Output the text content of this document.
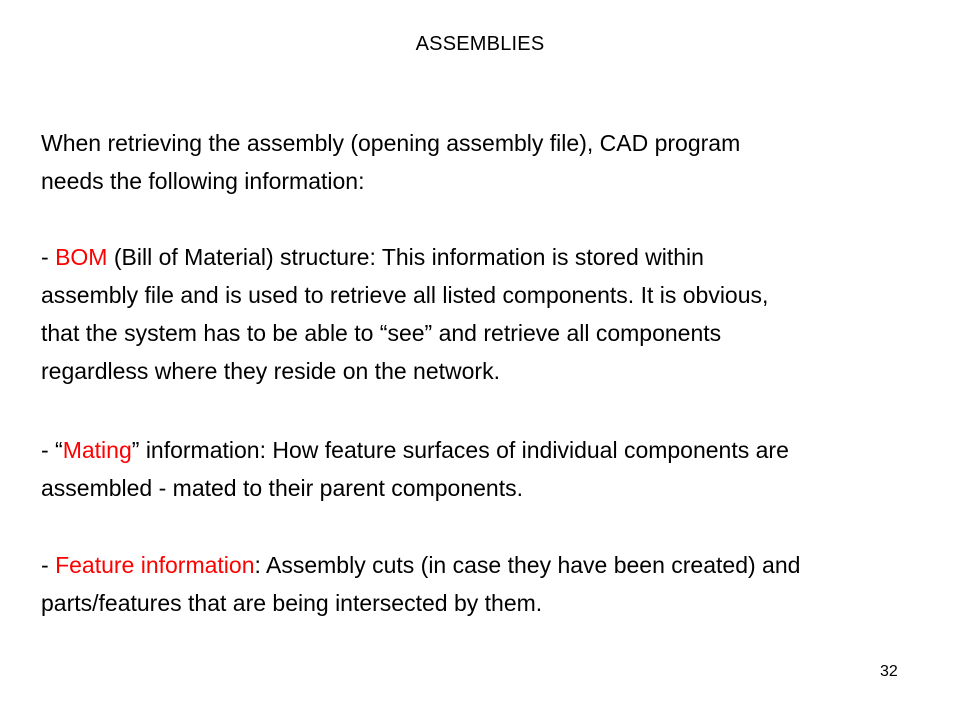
ASSEMBLIES

When retrieving the assembly (opening assembly file), CAD program
needs the following information:

- BOM (Bill of Material) structure: This information is stored within
assembly file and is used to retrieve all listed components. It is obvious,
that the system has to be able to “see” and retrieve all components
regardless where they reside on the network.

- “Mating” information: How feature surfaces of individual components are
assembled - mated to their parent components.

- Feature information: Assembly cuts (in case they have been created) and
parts/features that are being intersected by them.

32
